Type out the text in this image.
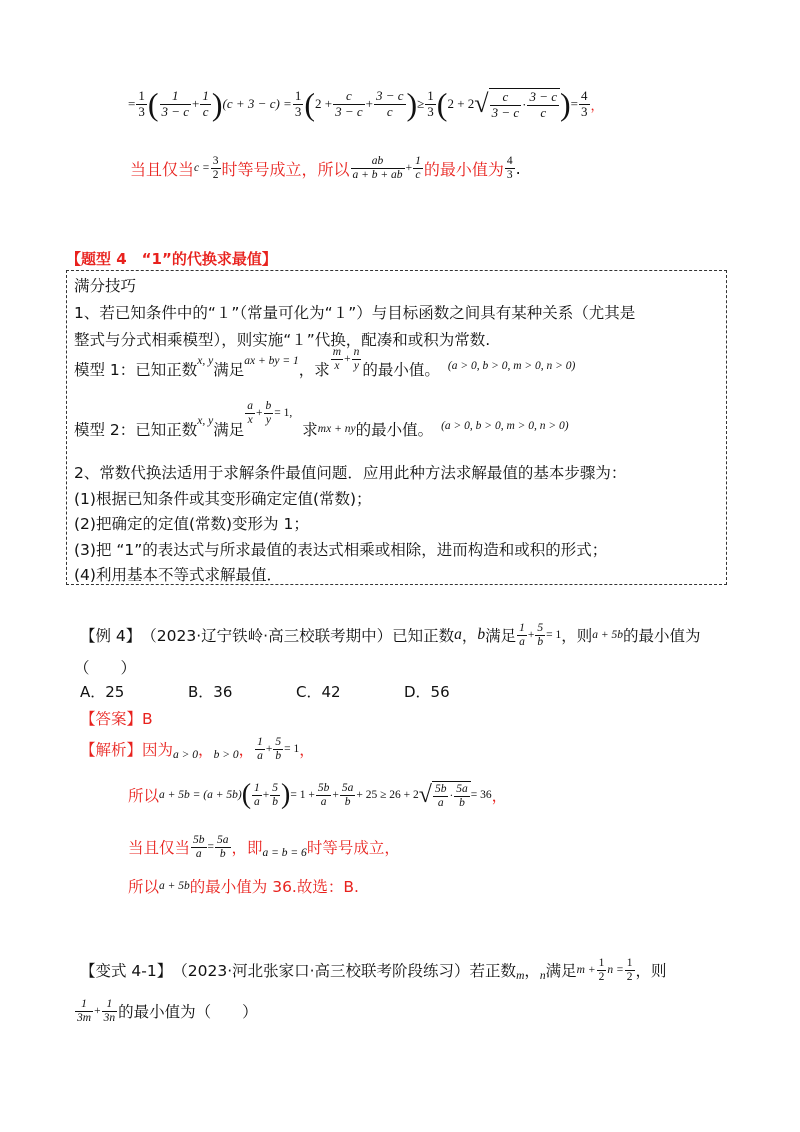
= $\frac{1}{3}$ ( $\frac{1}{3 - c} + \frac{1}{c}$ ) $(c + 3 - c) = \frac{1}{3}$ ( $2 + \frac{c}{3 - c} + \frac{3 - c}{c}$ ) ≥ $\frac{1}{3}$ ( 2 + 2 √ $\frac{c}{3 - c} \cdot \frac{3 - c}{c}$ ) = $\frac{4}{3}$ ，
当且仅当 $c = \frac{3}{2}$ 时等号成立，所以 $\frac{ab}{a + b + ab} + \frac{1}{c}$ 的最小值为 $\frac{4}{3}$ .
【题型 4　“1”的代换求最值】
满分技巧
1、若已知条件中的“１”（常量可化为“１”）与目标函数之间具有某种关系（尤其是
整式与分式相乘模型），则实施“１”代换，配凑和或积为常数.
模型 1：已知正数 x, y 满足 ax + by = 1 ，求 $\frac{m}{x} + \frac{n}{y}$ 的最小值。 (a > 0, b > 0, m > 0, n > 0)
模型 2：已知正数 x, y 满足
$\frac{a}{x} + \frac{b}{y} = 1$,
求 mx + ny 的最小值。 (a > 0, b > 0, m > 0, n > 0)
2、常数代换法适用于求解条件最值问题．应用此种方法求解最值的基本步骤为：
(1)根据已知条件或其变形确定定值(常数)；
(2)把确定的定值(常数)变形为 1；
(3)把 “1”的表达式与所求最值的表达式相乘或相除，进而构造和或积的形式；
(4)利用基本不等式求解最值．
【例 4】 （2023·辽宁铁岭·高三校联考期中）已知正数 a ， b 满足 $\frac{1}{a} + \frac{5}{b} = 1$ ，则 a + 5b 的最小值为
（　　）
A．25	B．36	C．42	D．56
【答案】B
【解析】 因为 a > 0 ， b > 0 ， $\frac{1}{a} + \frac{5}{b} = 1$ ，
所以 a + 5b = (a + 5b) ( $\frac{1}{a} + \frac{5}{b}$ ) = $1 + \frac{5b}{a} + \frac{5a}{b} + 25 \ge 26 + 2$ √ $\frac{5b}{a} \cdot \frac{5a}{b} = 36$ ，
当且仅当 $\frac{5b}{a} = \frac{5a}{b}$ ，即 a = b = 6 时等号成立，
所以 a + 5b 的最小值为 36.故选：B.
【变式 4-1】 （2023·河北张家口·高三校联考阶段练习）若正数 m ， n 满足 $m + \frac{1}{2}$ $n = \frac{1}{2}$ ，则
$\frac{1}{3m} + \frac{1}{3n}$ 的最小值为（　　）
